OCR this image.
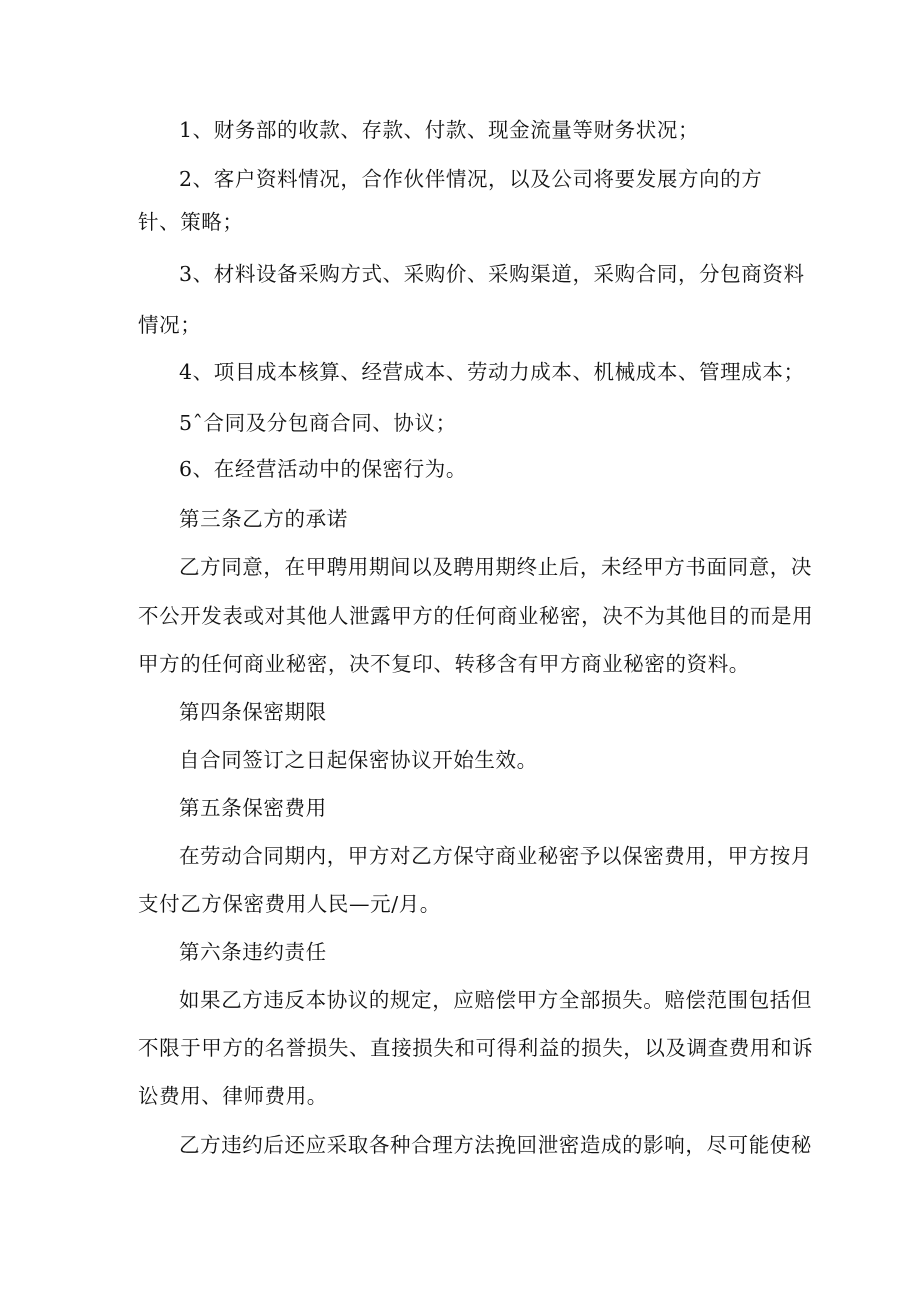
1、财务部的收款、存款、付款、现金流量等财务状况；
2、客户资料情况，合作伙伴情况，以及公司将要发展方向的方
针、策略；
3、材料设备采购方式、采购价、采购渠道，采购合同，分包商资料
情况；
4、项目成本核算、经营成本、劳动力成本、机械成本、管理成本；
5ˆ合同及分包商合同、协议；
6、在经营活动中的保密行为。
第三条乙方的承诺
乙方同意，在甲聘用期间以及聘用期终止后，未经甲方书面同意，决
不公开发表或对其他人泄露甲方的任何商业秘密，决不为其他目的而是用
甲方的任何商业秘密，决不复印、转移含有甲方商业秘密的资料。
第四条保密期限
自合同签订之日起保密协议开始生效。
第五条保密费用
在劳动合同期内，甲方对乙方保守商业秘密予以保密费用，甲方按月
支付乙方保密费用人民—元/月。
第六条违约责任
如果乙方违反本协议的规定，应赔偿甲方全部损失。赔偿范围包括但
不限于甲方的名誉损失、直接损失和可得利益的损失，以及调查费用和诉
讼费用、律师费用。
乙方违约后还应采取各种合理方法挽回泄密造成的影响，尽可能使秘
